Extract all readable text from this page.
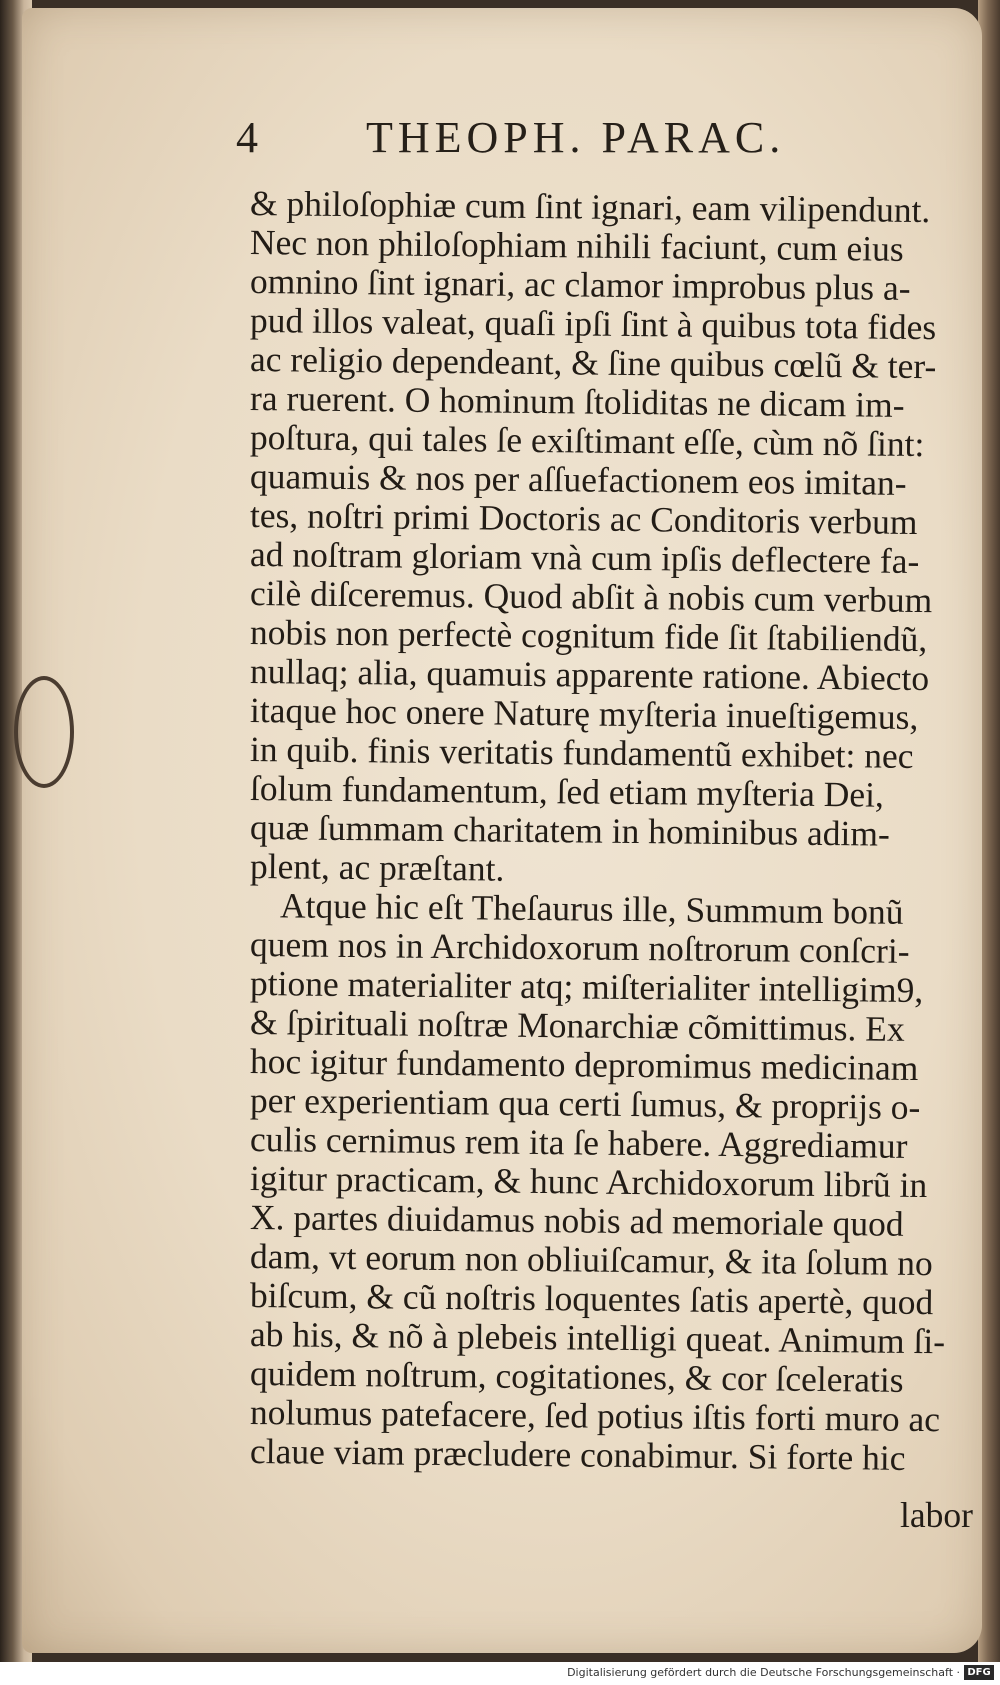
4 THEOPH. PARAC.
& philoſophiæ cum ſint ignari, eam vilipendunt.
Nec non philoſophiam nihili faciunt, cum eius
omnino ſint ignari, ac clamor improbus plus a-
pud illos valeat, quaſi ipſi ſint à quibus tota fides
ac religio dependeant, & ſine quibus cœlũ & ter-
ra ruerent. O hominum ſtoliditas ne dicam im-
poſtura, qui tales ſe exiſtimant eſſe, cùm nõ ſint:
quamuis & nos per aſſuefactionem eos imitan-
tes, noſtri primi Doctoris ac Conditoris verbum
ad noſtram gloriam vnà cum ipſis deflectere fa-
cilè diſceremus. Quod abſit à nobis cum verbum
nobis non perfectè cognitum fide ſit ſtabiliendũ,
nullaq; alia, quamuis apparente ratione. Abiecto
itaque hoc onere Naturę myſteria inueſtigemus,
in quib. finis veritatis fundamentũ exhibet: nec
ſolum fundamentum, ſed etiam myſteria Dei,
quæ ſummam charitatem in hominibus adim-
plent, ac præſtant.
Atque hic eſt Theſaurus ille, Summum bonũ
quem nos in Archidoxorum noſtrorum conſcri-
ptione materialiter atq; miſterialiter intelligim9,
& ſpirituali noſtræ Monarchiæ cõmittimus. Ex
hoc igitur fundamento depromimus medicinam
per experientiam qua certi ſumus, & proprijs o-
culis cernimus rem ita ſe habere. Aggrediamur
igitur practicam, & hunc Archidoxorum librũ in
X. partes diuidamus nobis ad memoriale quod
dam, vt eorum non obliuiſcamur, & ita ſolum no
biſcum, & cũ noſtris loquentes ſatis apertè, quod
ab his, & nõ à plebeis intelligi queat. Animum ſi-
quidem noſtrum, cogitationes, & cor ſceleratis
nolumus patefacere, ſed potius iſtis forti muro ac
claue viam præcludere conabimur. Si forte hic
labor
Digitalisierung gefördert durch die Deutsche Forschungsgemeinschaft · DFG
